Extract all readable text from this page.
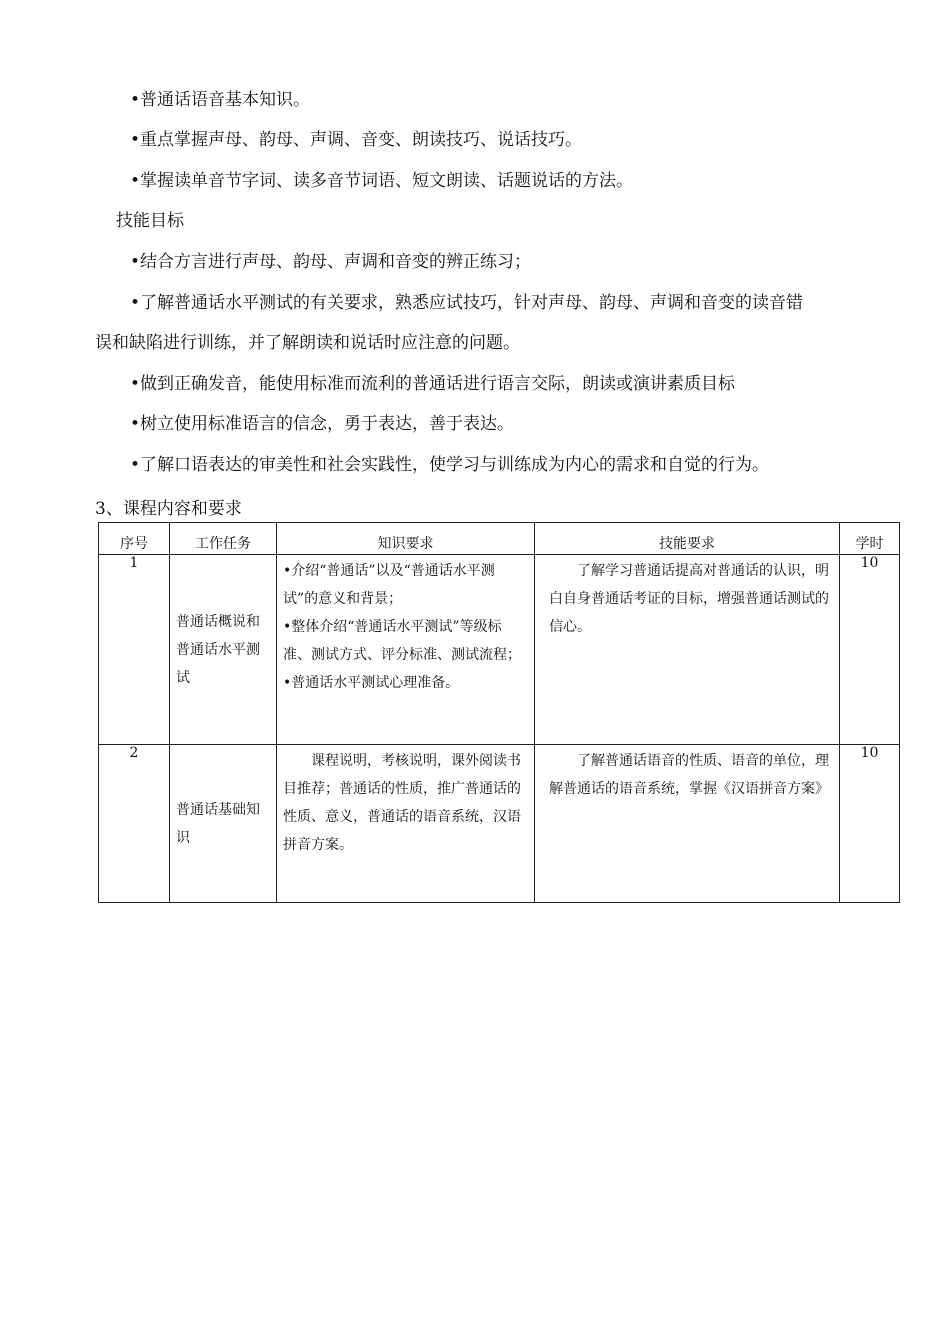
•普通话语音基本知识。
•重点掌握声母、韵母、声调、音变、朗读技巧、说话技巧。
•掌握读单音节字词、读多音节词语、短文朗读、话题说话的方法。
技能目标
•结合方言进行声母、韵母、声调和音变的辨正练习；
•了解普通话水平测试的有关要求，熟悉应试技巧，针对声母、韵母、声调和音变的读音错
误和缺陷进行训练，并了解朗读和说话时应注意的问题。
•做到正确发音，能使用标准而流利的普通话进行语言交际，朗读或演讲素质目标
•树立使用标准语言的信念，勇于表达，善于表达。
•了解口语表达的审美性和社会实践性，使学习与训练成为内心的需求和自觉的行为。
3、课程内容和要求
序号	工作任务	知识要求	技能要求	学时
1	普通话概说和普通话水平测试	•介绍“普通话”以及“普通话水平测试”的意义和背景；
•整体介绍“普通话水平测试”等级标准、测试方式、评分标准、测试流程；
•普通话水平测试心理准备。	了解学习普通话提高对普通话的认识，明白自身普通话考证的目标，增强普通话测试的信心。	10
2	普通话基础知识	课程说明，考核说明，课外阅读书目推荐；普通话的性质，推广普通话的性质、意义，普通话的语音系统，汉语拼音方案。	了解普通话语音的性质、语音的单位，理解普通话的语音系统，掌握《汉语拼音方案》	10
